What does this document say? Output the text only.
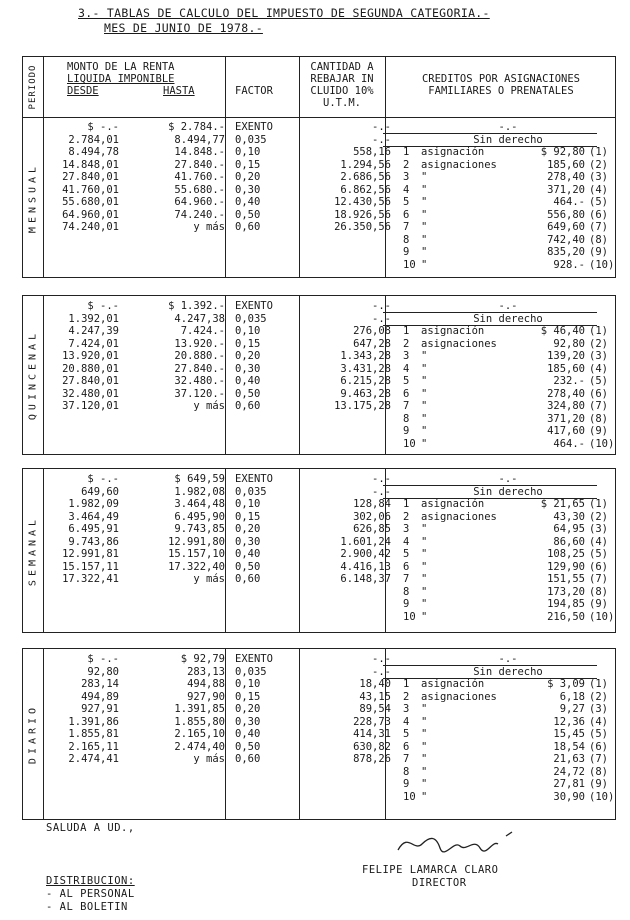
3.- TABLAS DE CALCULO DEL IMPUESTO DE SEGUNDA CATEGORIA.-
MES DE JUNIO DE 1978.-
MENSUAL
PERIODO	MONTO DE LA RENTA
LIQUIDA IMPONIBLE
DESDE	HASTA	FACTOR
CANTIDAD A
REBAJAR IN
CLUIDO 10%
U.T.M.
CREDITOS POR ASIGNACIONES
FAMILIARES O PRENATALES
$ -.-	$ 2.784.- EXENTO	-.-
2.784,01	8.494,77 0,035	-.-
8.494,78	14.848.- 0,10	558,16
14.848,01	27.840.- 0,15	1.294,56
27.840,01	41.760.- 0,20	2.686,56
41.760,01	55.680.- 0,30	6.862,56
55.680,01	64.960.- 0,40	12.430,56
64.960,01	74.240.- 0,50	18.926,56
74.240,01	y más 0,60	26.350,56
-.-
Sin derecho
1	asignación	$ 92,80 (1)
2	asignaciones	185,60 (2)
3	"	278,40 (3)
4	"	371,20 (4)
5	"	464.- (5)
6	"	556,80 (6)
7	"	649,60 (7)
8	"	742,40 (8)
9	"	835,20 (9)
10 "	928.- (10)
QUINCENAL
$ -.-	$ 1.392.- EXENTO	-.-
1.392,01	4.247,38 0,035	-.-
4.247,39	7.424.- 0,10	276,08
7.424,01	13.920.- 0,15	647,28
13.920,01	20.880.- 0,20	1.343,28
20.880,01	27.840.- 0,30	3.431,28
27.840,01	32.480.- 0,40	6.215,28
32.480,01	37.120.- 0,50	9.463,28
37.120,01	y más 0,60	13.175,28
-.-
Sin derecho
1	asignación	$ 46,40 (1)
2	asignaciones	92,80 (2)
3	"	139,20 (3)
4	"	185,60 (4)
5	"	232.- (5)
6	"	278,40 (6)
7	"	324,80 (7)
8	"	371,20 (8)
9	"	417,60 (9)
10 "	464.- (10)
SEMANAL
$ -.-	$ 649,59 EXENTO	-.-
649,60	1.982,08 0,035	-.-
1.982,09	3.464,48 0,10	128,84
3.464,49	6.495,90 0,15	302,06
6.495,91	9.743,85 0,20	626,85
9.743,86	12.991,80 0,30	1.601,24
12.991,81	15.157,10 0,40	2.900,42
15.157,11	17.322,40 0,50	4.416,13
17.322,41	y más 0,60	6.148,37
-.-
Sin derecho
1	asignación	$ 21,65 (1)
2	asignaciones	43,30 (2)
3	"	64,95 (3)
4	"	86,60 (4)
5	"	108,25 (5)
6	"	129,90 (6)
7	"	151,55 (7)
8	"	173,20 (8)
9	"	194,85 (9)
10 "	216,50 (10)
DIARIO
$ -.-	$ 92,79 EXENTO	-.-
92,80	283,13 0,035	-.-
283,14	494,88 0,10	18,40
494,89	927,90 0,15	43,15
927,91	1.391,85 0,20	89,54
1.391,86	1.855,80 0,30	228,73
1.855,81	2.165,10 0,40	414,31
2.165,11	2.474,40 0,50	630,82
2.474,41	y más 0,60	878,26
-.-
Sin derecho
1	asignación	$ 3,09 (1)
2	asignaciones	6,18 (2)
3	"	9,27 (3)
4	"	12,36 (4)
5	"	15,45 (5)
6	"	18,54 (6)
7	"	21,63 (7)
8	"	24,72 (8)
9	"	27,81 (9)
10 "	30,90 (10)
SALUDA A UD.,
FELIPE LAMARCA CLARO
DIRECTOR
DISTRIBUCION:
- AL PERSONAL
- AL BOLETIN
